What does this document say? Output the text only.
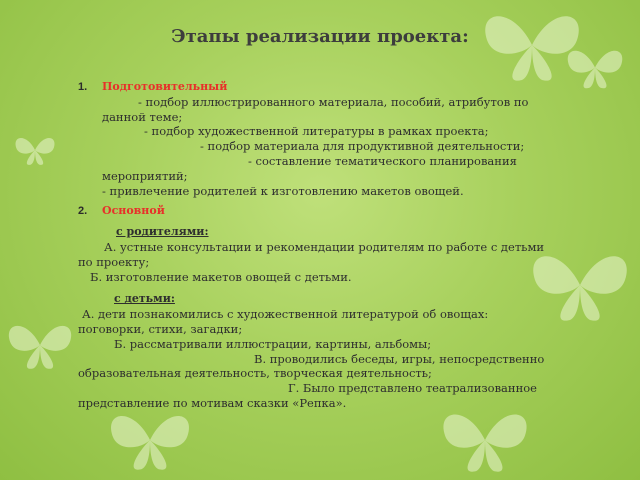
Этапы реализации проекта:
1. Подготовительный

- подбор иллюстрированного материала, пособий, атрибутов по данной теме;

- подбор художественной литературы в рамках проекта;

- подбор материала для продуктивной деятельности;

- составление тематического планирования мероприятий;

- привлечение родителей к изготовлению макетов овощей.

2. Основной
с родителями:

А. устные консультации и рекомендации родителям по работе с детьми по проекту;

Б. изготовление макетов овощей с детьми.

с детьми:

А. дети познакомились с художественной литературой об овощах: поговорки, стихи, загадки;

Б. рассматривали иллюстрации, картины, альбомы;

В. проводились беседы, игры, непосредственно образовательная деятельность, творческая деятельность;

Г. Было представлено театрализованное представление по мотивам сказки «Репка».
